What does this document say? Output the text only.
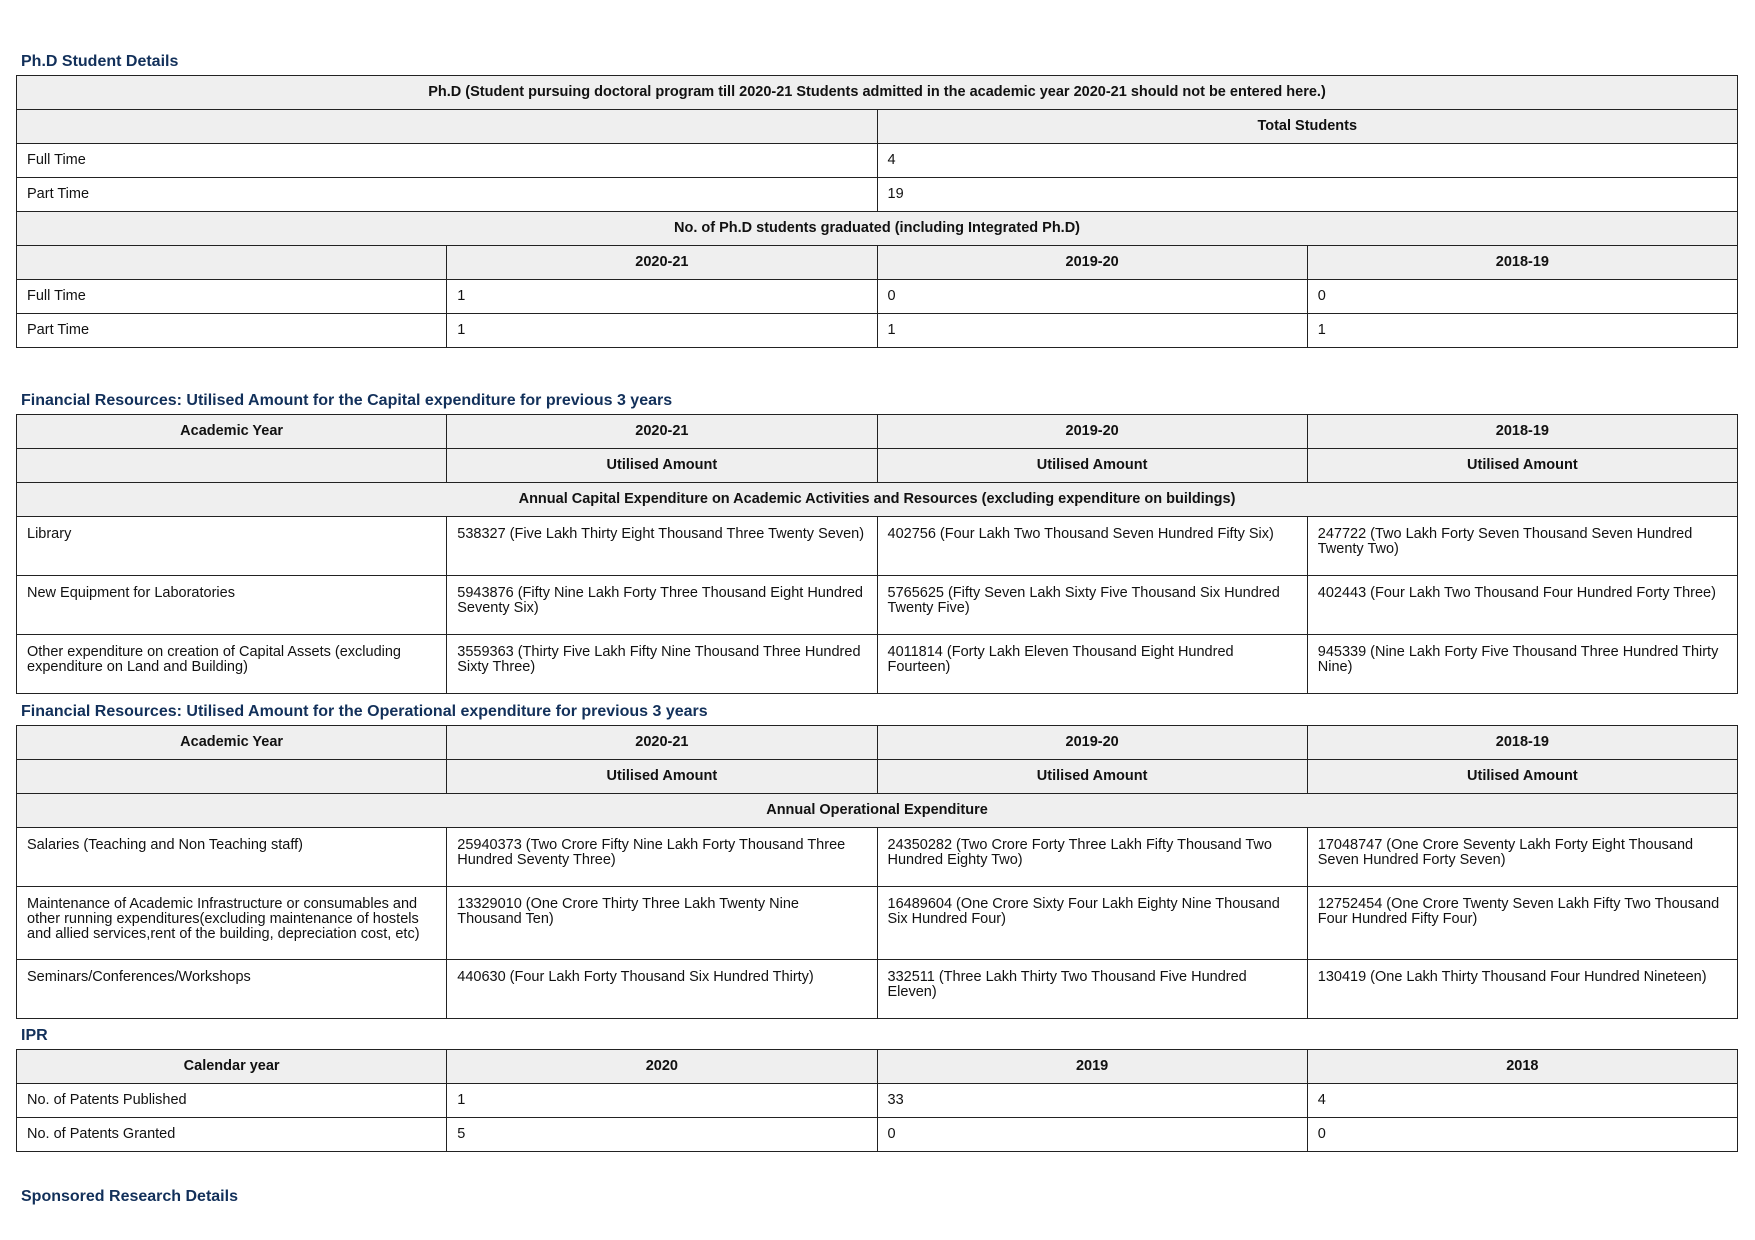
Ph.D Student Details
Ph.D (Student pursuing doctoral program till 2020-21 Students admitted in the academic year 2020-21 should not be entered here.)			
		Total Students	
Full Time		4	
Part Time		19	
No. of Ph.D students graduated (including Integrated Ph.D)			
	2020-21	2019-20	2018-19
Full Time	1	0	0
Part Time	1	1	1
Financial Resources: Utilised Amount for the Capital expenditure for previous 3 years
Academic Year	2020-21	2019-20	2018-19
	Utilised Amount	Utilised Amount	Utilised Amount
Annual Capital Expenditure on Academic Activities and Resources (excluding expenditure on buildings)			
Library	538327 (Five Lakh Thirty Eight Thousand Three Twenty Seven)	402756 (Four Lakh Two Thousand Seven Hundred Fifty Six)	247722 (Two Lakh Forty Seven Thousand Seven Hundred Twenty Two)
New Equipment for Laboratories	5943876 (Fifty Nine Lakh Forty Three Thousand Eight Hundred Seventy Six)	5765625 (Fifty Seven Lakh Sixty Five Thousand Six Hundred Twenty Five)	402443 (Four Lakh Two Thousand Four Hundred Forty Three)
Other expenditure on creation of Capital Assets (excluding expenditure on Land and Building)	3559363 (Thirty Five Lakh Fifty Nine Thousand Three Hundred Sixty Three)	4011814 (Forty Lakh Eleven Thousand Eight Hundred Fourteen)	945339 (Nine Lakh Forty Five Thousand Three Hundred Thirty Nine)
Financial Resources: Utilised Amount for the Operational expenditure for previous 3 years
Academic Year	2020-21	2019-20	2018-19
	Utilised Amount	Utilised Amount	Utilised Amount
Annual Operational Expenditure			
Salaries (Teaching and Non Teaching staff)	25940373 (Two Crore Fifty Nine Lakh Forty Thousand Three Hundred Seventy Three)	24350282 (Two Crore Forty Three Lakh Fifty Thousand Two Hundred Eighty Two)	17048747 (One Crore Seventy Lakh Forty Eight Thousand Seven Hundred Forty Seven)
Maintenance of Academic Infrastructure or consumables and other running expenditures(excluding maintenance of hostels and allied services,rent of the building, depreciation cost, etc)	13329010 (One Crore Thirty Three Lakh Twenty Nine Thousand Ten)	16489604 (One Crore Sixty Four Lakh Eighty Nine Thousand Six Hundred Four)	12752454 (One Crore Twenty Seven Lakh Fifty Two Thousand Four Hundred Fifty Four)
Seminars/Conferences/Workshops	440630 (Four Lakh Forty Thousand Six Hundred Thirty)	332511 (Three Lakh Thirty Two Thousand Five Hundred Eleven)	130419 (One Lakh Thirty Thousand Four Hundred Nineteen)
IPR
Calendar year	2020	2019	2018
No. of Patents Published	1	33	4
No. of Patents Granted	5	0	0
Sponsored Research Details
